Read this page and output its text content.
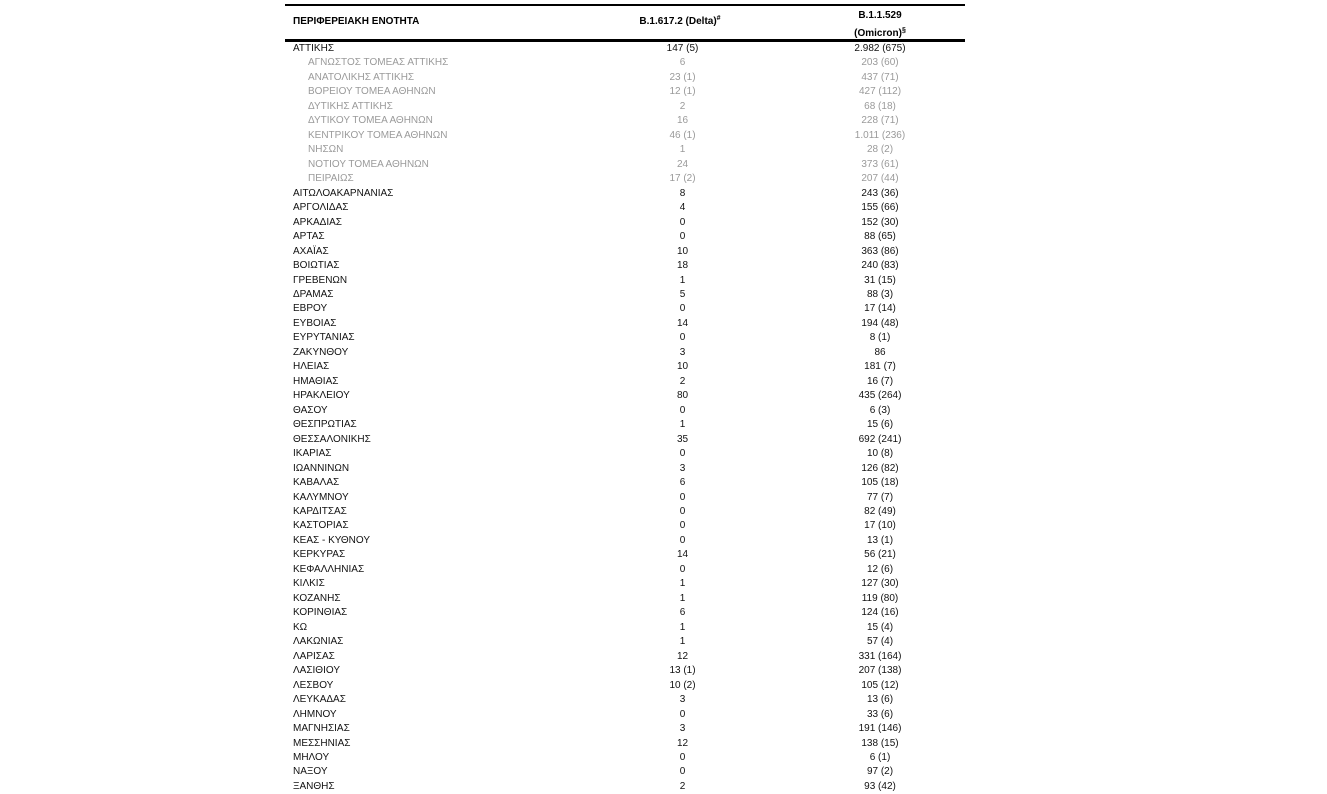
ΠΕΡΙΦΕΡΕΙΑΚΗ ΕΝΟΤΗΤΑ	B.1.617.2 (Delta)#	B.1.1.529
(Omicron)§
ΑΤΤΙΚΗΣ	147 (5)	2.982 (675)
ΑΓΝΩΣΤΟΣ ΤΟΜΕΑΣ ΑΤΤΙΚΗΣ	6	203 (60)
ΑΝΑΤΟΛΙΚΗΣ ΑΤΤΙΚΗΣ	23 (1)	437 (71)
ΒΟΡΕΙΟΥ ΤΟΜΕΑ ΑΘΗΝΩΝ	12 (1)	427 (112)
ΔΥΤΙΚΗΣ ΑΤΤΙΚΗΣ	2	68 (18)
ΔΥΤΙΚΟΥ ΤΟΜΕΑ ΑΘΗΝΩΝ	16	228 (71)
ΚΕΝΤΡΙΚΟΥ ΤΟΜΕΑ ΑΘΗΝΩΝ	46 (1)	1.011 (236)
ΝΗΣΩΝ	1	28 (2)
ΝΟΤΙΟΥ ΤΟΜΕΑ ΑΘΗΝΩΝ	24	373 (61)
ΠΕΙΡΑΙΩΣ	17 (2)	207 (44)
ΑΙΤΩΛΟΑΚΑΡΝΑΝΙΑΣ	8	243 (36)
ΑΡΓΟΛΙΔΑΣ	4	155 (66)
ΑΡΚΑΔΙΑΣ	0	152 (30)
ΑΡΤΑΣ	0	88 (65)
ΑΧΑΪΑΣ	10	363 (86)
ΒΟΙΩΤΙΑΣ	18	240 (83)
ΓΡΕΒΕΝΩΝ	1	31 (15)
ΔΡΑΜΑΣ	5	88 (3)
ΕΒΡΟΥ	0	17 (14)
ΕΥΒΟΙΑΣ	14	194 (48)
ΕΥΡΥΤΑΝΙΑΣ	0	8 (1)
ΖΑΚΥΝΘΟΥ	3	86
ΗΛΕΙΑΣ	10	181 (7)
ΗΜΑΘΙΑΣ	2	16 (7)
ΗΡΑΚΛΕΙΟΥ	80	435 (264)
ΘΑΣΟΥ	0	6 (3)
ΘΕΣΠΡΩΤΙΑΣ	1	15 (6)
ΘΕΣΣΑΛΟΝΙΚΗΣ	35	692 (241)
ΙΚΑΡΙΑΣ	0	10 (8)
ΙΩΑΝΝΙΝΩΝ	3	126 (82)
ΚΑΒΑΛΑΣ	6	105 (18)
ΚΑΛΥΜΝΟΥ	0	77 (7)
ΚΑΡΔΙΤΣΑΣ	0	82 (49)
ΚΑΣΤΟΡΙΑΣ	0	17 (10)
ΚΕΑΣ - ΚΥΘΝΟΥ	0	13 (1)
ΚΕΡΚΥΡΑΣ	14	56 (21)
ΚΕΦΑΛΛΗΝΙΑΣ	0	12 (6)
ΚΙΛΚΙΣ	1	127 (30)
ΚΟΖΑΝΗΣ	1	119 (80)
ΚΟΡΙΝΘΙΑΣ	6	124 (16)
ΚΩ	1	15 (4)
ΛΑΚΩΝΙΑΣ	1	57 (4)
ΛΑΡΙΣΑΣ	12	331 (164)
ΛΑΣΙΘΙΟΥ	13 (1)	207 (138)
ΛΕΣΒΟΥ	10 (2)	105 (12)
ΛΕΥΚΑΔΑΣ	3	13 (6)
ΛΗΜΝΟΥ	0	33 (6)
ΜΑΓΝΗΣΙΑΣ	3	191 (146)
ΜΕΣΣΗΝΙΑΣ	12	138 (15)
ΜΗΛΟΥ	0	6 (1)
ΝΑΞΟΥ	0	97 (2)
ΞΑΝΘΗΣ	2	93 (42)
